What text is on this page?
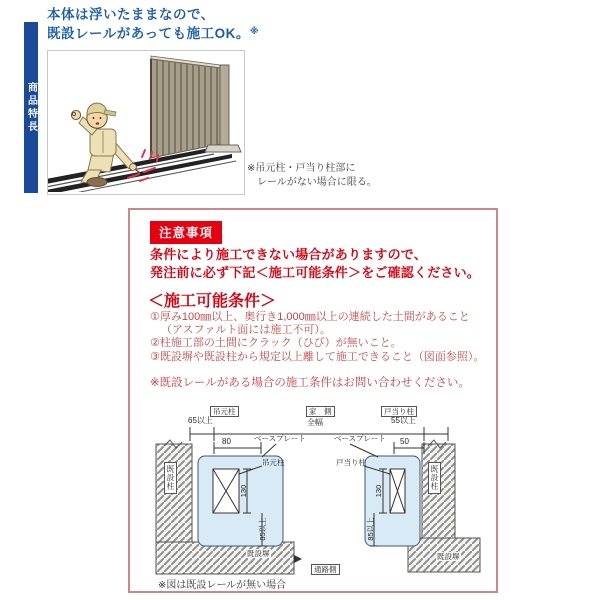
商品特長
本体は浮いたままなので、
既設レールがあっても施工OK。※
※吊元柱・戸当り柱部に
レールがない場合に限る。
注意事項
条件により施工できない場合がありますので、
発注前に必ず下記＜施工可能条件＞をご確認ください。
＜施工可能条件＞
①厚み100㎜以上、奥行き1,000㎜以上の連続した土間があること
（アスファルト面には施工不可）。
②柱施工部の土間にクラック（ひび）が無いこと。
③既設塀や既設柱から規定以上離して施工できること（図面参照）。
※既設レールがある場合の施工条件はお問い合わせください。
吊元柱	家　側	戸当り柱
65以上	全幅	55以上
80	50
ベースプレート	ベースプレート
吊元柱	戸当り柱
130
85以上
130
85以上
既設柱	既設柱
既設塀	既設塀
通路側
※図は既設レールが無い場合
